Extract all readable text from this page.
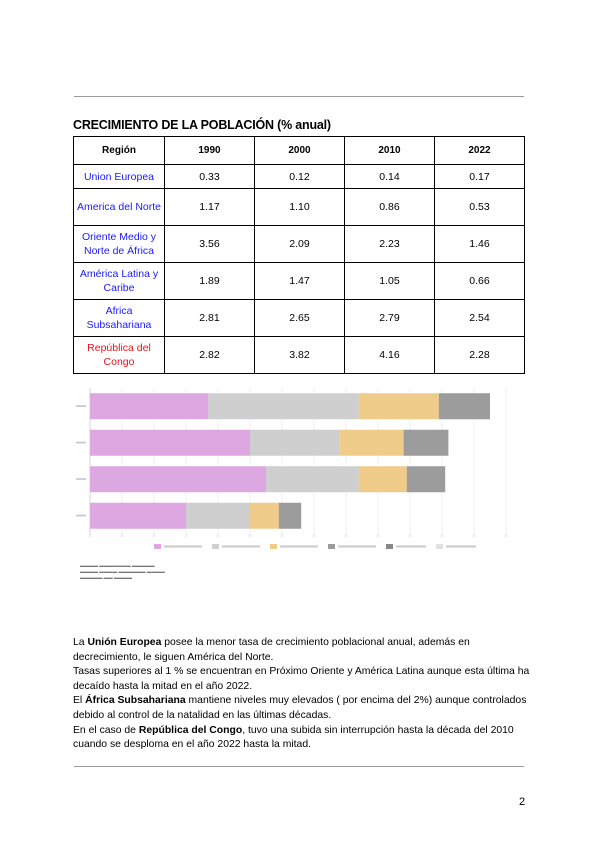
CRECIMIENTO DE LA POBLACIÓN (% anual)
Región	1990	2000	2010	2022
Union Europea	0.33	0.12	0.14	0.17
America del Norte	1.17	1.10	0.86	0.53
Oriente Medio y Norte de África	3.56	2.09	2.23	1.46
América Latina y Caribe	1.89	1.47	1.05	0.66
Africa Subsahariana	2.81	2.65	2.79	2.54
República del Congo	2.82	3.82	4.16	2.28
▬▬▬▬ ▬▬▬▬▬▬▬ ▬▬▬▬▬
▬▬▬▬ ▬▬▬▬ ▬▬▬▬▬▬ ▬▬▬▬
▬▬▬▬▬ ▬▬ ▬▬▬▬

La Unión Europea posee la menor tasa de crecimiento poblacional anual, además en decrecimiento, le siguen América del Norte.

Tasas superiores al 1 % se encuentran en Próximo Oriente y América Latina aunque esta última ha decaído hasta la mitad en el año 2022.

El África Subsahariana mantiene niveles muy elevados ( por encima del 2%) aunque controlados debido al control de la natalidad en las últimas décadas.

En el caso de República del Congo, tuvo una subida sin interrupción hasta la década del 2010 cuando se desploma en el año 2022 hasta la mitad.

2
